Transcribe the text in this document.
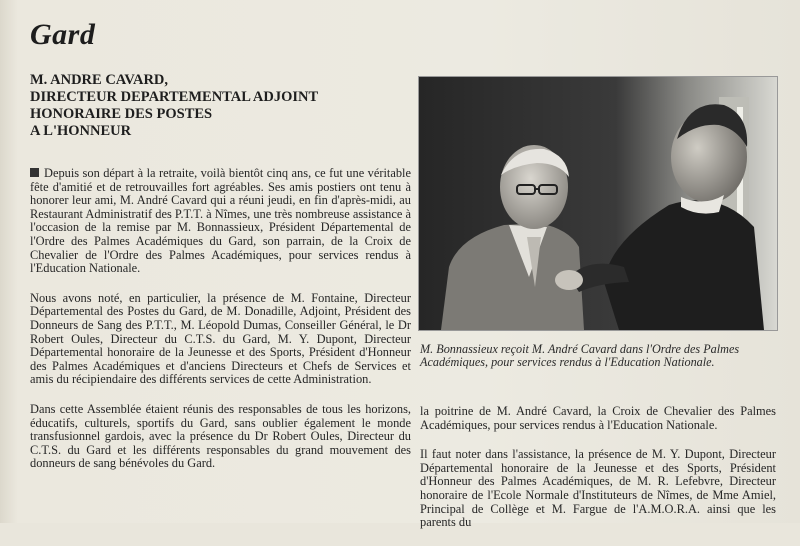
Gard
M. ANDRE CAVARD,
DIRECTEUR DEPARTEMENTAL ADJOINT
HONORAIRE DES POSTES
A L'HONNEUR

Depuis son départ à la retraite, voilà bientôt cinq ans, ce fut une véritable fête d'amitié et de retrouvailles fort agréables. Ses amis postiers ont tenu à honorer leur ami, M. André Cavard qui a réuni jeudi, en fin d'après-midi, au Restaurant Administratif des P.T.T. à Nîmes, une très nombreuse assistance à l'occasion de la remise par M. Bonnassieux, Président Départemental de l'Ordre des Palmes Académiques du Gard, son parrain, de la Croix de Chevalier de l'Ordre des Palmes Académiques, pour services rendus à l'Education Nationale.

Nous avons noté, en particulier, la présence de M. Fontaine, Directeur Départemental des Postes du Gard, de M. Donadille, Adjoint, Président des Donneurs de Sang des P.T.T., M. Léopold Dumas, Conseiller Général, le Dr Robert Oules, Directeur du C.T.S. du Gard, M. Y. Dupont, Directeur Départemental honoraire de la Jeunesse et des Sports, Président d'Honneur des Palmes Académiques et d'anciens Directeurs et Chefs de Services et amis du récipiendaire des différents services de cette Administration.

Dans cette Assemblée étaient réunis des responsables de tous les horizons, éducatifs, culturels, sportifs du Gard, sans oublier également le monde transfusionnel gardois, avec la présence du Dr Robert Oules, Directeur du C.T.S. du Gard et les différents responsables du grand mouvement des donneurs de sang bénévoles du Gard.

M. Bonnassieux reçoit M. André Cavard dans l'Ordre des Palmes Académiques, pour services rendus à l'Education Nationale.

la poitrine de M. André Cavard, la Croix de Chevalier des Palmes Académiques, pour services rendus à l'Education Nationale.

Il faut noter dans l'assistance, la présence de M. Y. Dupont, Directeur Départemental honoraire de la Jeunesse et des Sports, Président d'Honneur des Palmes Académiques, de M. R. Lefebvre, Directeur honoraire de l'Ecole Normale d'Instituteurs de Nîmes, de Mme Amiel, Principal de Collège et M. Fargue de l'A.M.O.R.A. ainsi que les parents du
